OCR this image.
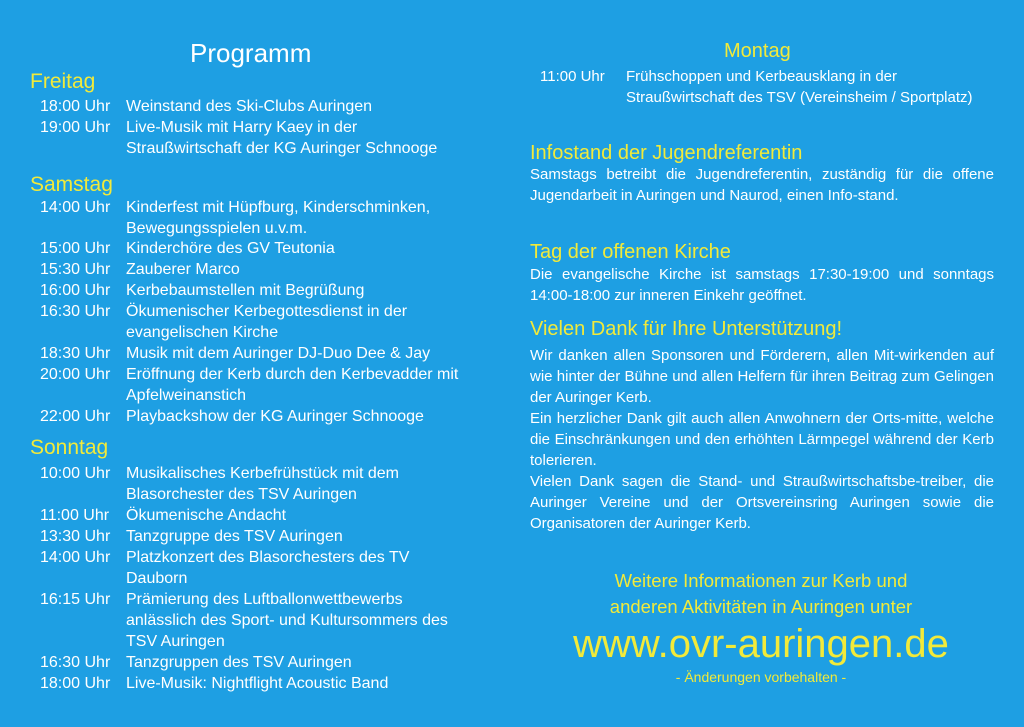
Programm
Freitag
18:00 Uhr Weinstand des Ski-Clubs Auringen
19:00 Uhr Live-Musik mit Harry Kaey in der Straußwirtschaft der KG Auringer Schnooge
Samstag
14:00 Uhr Kinderfest mit Hüpfburg, Kinderschminken, Bewegungsspielen u.v.m.
15:00 Uhr Kinderchöre des GV Teutonia
15:30 Uhr Zauberer Marco
16:00 Uhr Kerbebaumstellen mit Begrüßung
16:30 Uhr Ökumenischer Kerbegottesdienst in der evangelischen Kirche
18:30 Uhr Musik mit dem Auringer DJ-Duo Dee & Jay
20:00 Uhr Eröffnung der Kerb durch den Kerbevadder mit Apfelweinanstich
22:00 Uhr Playbackshow der KG Auringer Schnooge
Sonntag
10:00 Uhr Musikalisches Kerbefrühstück mit dem Blasorchester des TSV Auringen
11:00 Uhr	Ökumenische Andacht
13:30 Uhr Tanzgruppe des TSV Auringen
14:00 Uhr Platzkonzert des Blasorchesters des TV Dauborn
16:15 Uhr Prämierung des Luftballonwettbewerbs anlässlich des Sport- und Kultursommers des TSV Auringen
16:30 Uhr Tanzgruppen des TSV Auringen
18:00 Uhr Live-Musik: Nightflight Acoustic Band
Montag
11:00 Uhr	Frühschoppen und Kerbeausklang in der Straußwirtschaft des TSV (Vereinsheim / Sportplatz)
Infostand der Jugendreferentin

Samstags betreibt die Jugendreferentin, zuständig für die offene Jugendarbeit in Auringen und Naurod, einen Info-stand.

Tag der offenen Kirche

Die evangelische Kirche ist samstags 17:30-19:00 und sonntags 14:00-18:00 zur inneren Einkehr geöffnet.

Vielen Dank für Ihre Unterstützung!

Wir danken allen Sponsoren und Förderern, allen Mit-wirkenden auf wie hinter der Bühne und allen Helfern für ihren Beitrag zum Gelingen der Auringer Kerb.

Ein herzlicher Dank gilt auch allen Anwohnern der Orts-mitte, welche die Einschränkungen und den erhöhten Lärmpegel während der Kerb tolerieren.

Vielen Dank sagen die Stand- und Straußwirtschaftsbe-treiber, die Auringer Vereine und der Ortsvereinsring Auringen sowie die Organisatoren der Auringer Kerb.

Weitere Informationen zur Kerb und
anderen Aktivitäten in Auringen unter
www.ovr-auringen.de
- Änderungen vorbehalten -
